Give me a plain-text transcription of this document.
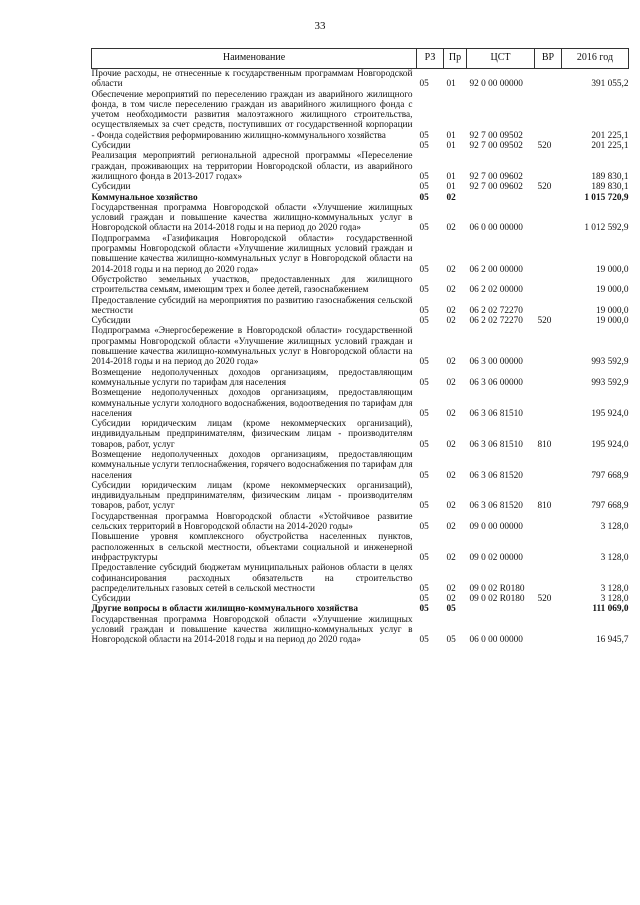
33
Наименование	РЗ	Пр	ЦСТ	ВР	2016 год
Прочие расходы, не отнесенные к государственным программам Новгородской области	05	01	92 0 00 00000		391 055,2
Обеспечение мероприятий по переселению граждан из аварийного жилищного фонда, в том числе переселению граждан из аварийного жилищного фонда с учетом необходимости развития малоэтажного жилищного строительства, осуществляемых за счет средств, поступивших от государственной корпорации - Фонда содействия реформированию жилищно-коммунального хозяйства	05	01	92 7 00 09502		201 225,1
Субсидии	05	01	92 7 00 09502	520	201 225,1
Реализация мероприятий региональной адресной программы «Переселение граждан, проживающих на территории Новгородской области, из аварийного жилищного фонда в 2013-2017 годах»	05	01	92 7 00 09602		189 830,1
Субсидии	05	01	92 7 00 09602	520	189 830,1
Коммунальное хозяйство	05	02			1 015 720,9
Государственная программа Новгородской области «Улучшение жилищных условий граждан и повышение качества жилищно-коммунальных услуг в Новгородской области на 2014-2018 годы и на период до 2020 года»	05	02	06 0 00 00000		1 012 592,9
Подпрограмма «Газификация Новгородской области» государственной программы Новгородской области «Улучшение жилищных условий граждан и повышение качества жилищно-коммунальных услуг в Новгородской области на 2014-2018 годы и на период до 2020 года»	05	02	06 2 00 00000		19 000,0
Обустройство земельных участков, предоставленных для жилищного строительства семьям, имеющим трех и более детей, газоснабжением	05	02	06 2 02 00000		19 000,0
Предоставление субсидий на мероприятия по развитию газоснабжения сельской местности	05	02	06 2 02 72270		19 000,0
Субсидии	05	02	06 2 02 72270	520	19 000,0
Подпрограмма «Энергосбережение в Новгородской области» государственной программы Новгородской области «Улучшение жилищных условий граждан и повышение качества жилищно-коммунальных услуг в Новгородской области на 2014-2018 годы и на период до 2020 года»	05	02	06 3 00 00000		993 592,9
Возмещение недополученных доходов организациям, предоставляющим коммунальные услуги по тарифам для населения	05	02	06 3 06 00000		993 592,9
Возмещение недополученных доходов организациям, предоставляющим коммунальные услуги холодного водоснабжения, водоотведения по тарифам для населения	05	02	06 3 06 81510		195 924,0
Субсидии юридическим лицам (кроме некоммерческих организаций), индивидуальным предпринимателям, физическим лицам - производителям товаров, работ, услуг	05	02	06 3 06 81510	810	195 924,0
Возмещение недополученных доходов организациям, предоставляющим коммунальные услуги теплоснабжения, горячего водоснабжения по тарифам для населения	05	02	06 3 06 81520		797 668,9
Субсидии юридическим лицам (кроме некоммерческих организаций), индивидуальным предпринимателям, физическим лицам - производителям товаров, работ, услуг	05	02	06 3 06 81520	810	797 668,9
Государственная программа Новгородской области «Устойчивое развитие сельских территорий в Новгородской области на 2014-2020 годы»	05	02	09 0 00 00000		3 128,0
Повышение уровня комплексного обустройства населенных пунктов, расположенных в сельской местности, объектами социальной и инженерной инфраструктуры	05	02	09 0 02 00000		3 128,0
Предоставление субсидий бюджетам муниципальных районов области в целях софинансирования расходных обязательств на строительство распределительных газовых сетей в сельской местности	05	02	09 0 02 R0180		3 128,0
Субсидии	05	02	09 0 02 R0180	520	3 128,0
Другие вопросы в области жилищно-коммунального хозяйства	05	05			111 069,0
Государственная программа Новгородской области «Улучшение жилищных условий граждан и повышение качества жилищно-коммунальных услуг в Новгородской области на 2014-2018 годы и на период до 2020 года»	05	05	06 0 00 00000		16 945,7
